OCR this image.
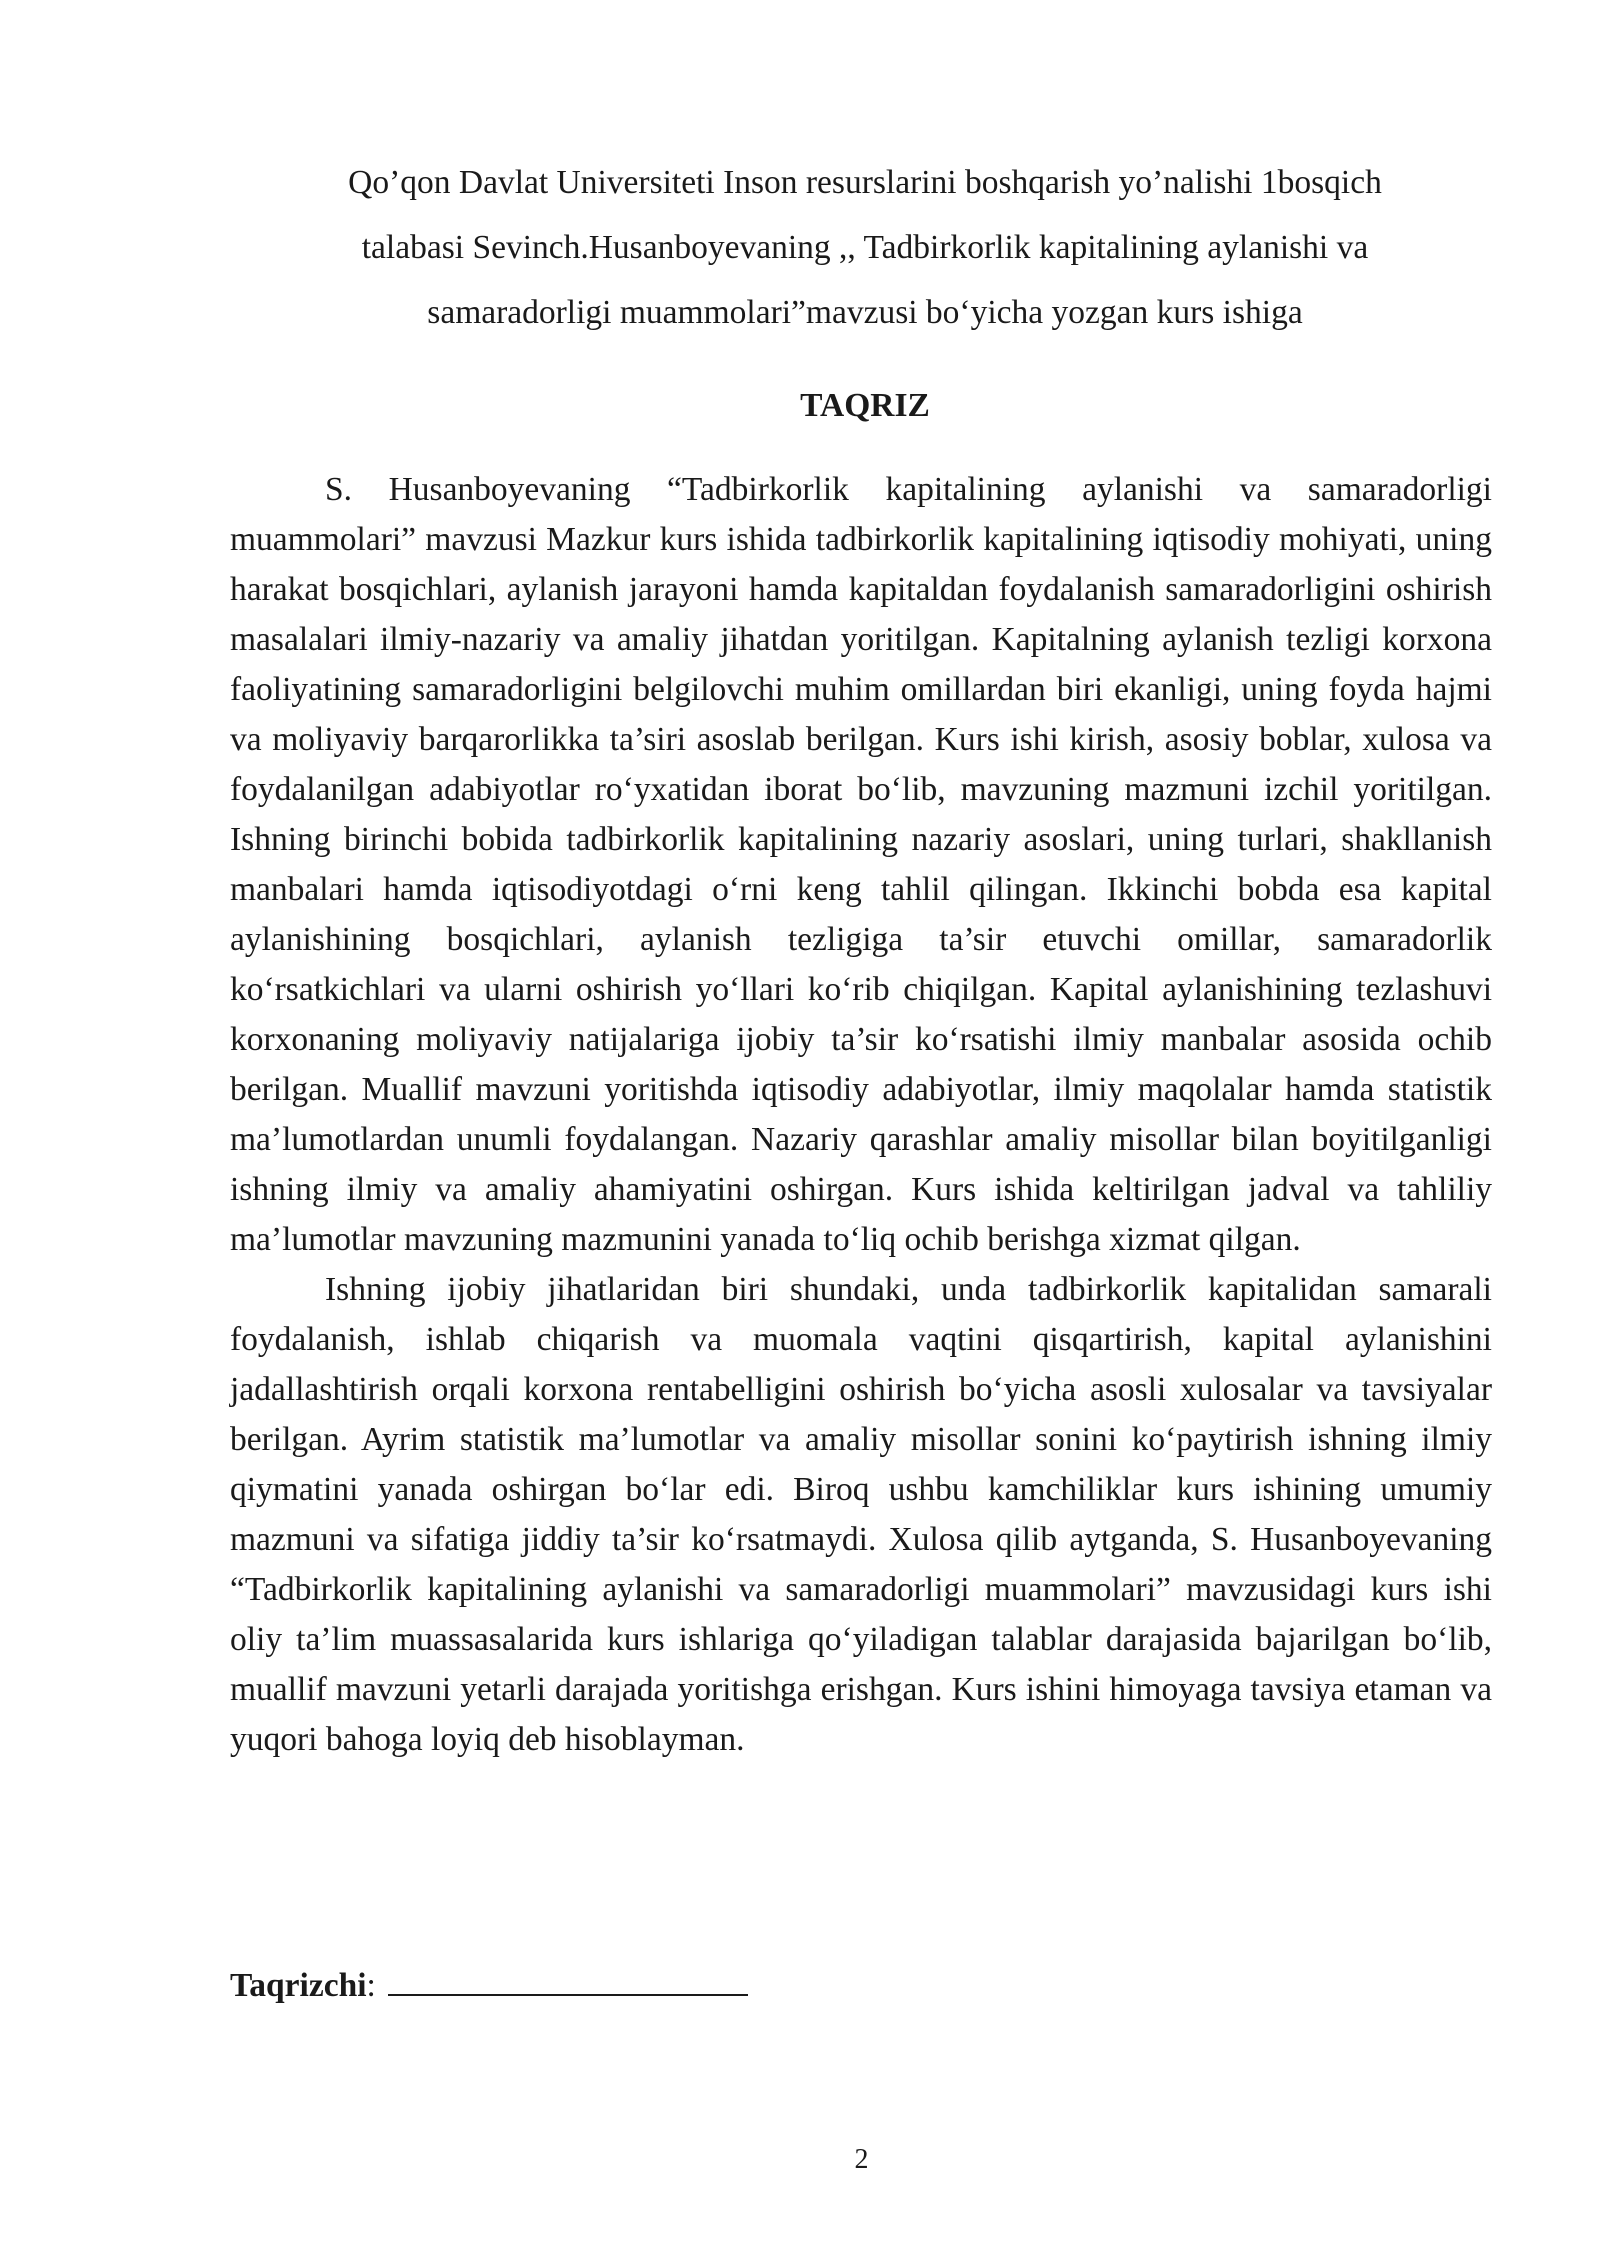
Qo’qon Davlat Universiteti Inson resurslarini boshqarish yo’nalishi 1bosqich
talabasi Sevinch.Husanboyevaning ,, Tadbirkorlik kapitalining aylanishi va
samaradorligi muammolari”mavzusi bo‘yicha yozgan kurs ishiga
TAQRIZ

S. Husanboyevaning “Tadbirkorlik kapitalining aylanishi va samaradorligi muammolari” mavzusi Mazkur kurs ishida tadbirkorlik kapitalining iqtisodiy mohiyati, uning harakat bosqichlari, aylanish jarayoni hamda kapitaldan foydalanish samaradorligini oshirish masalalari ilmiy-nazariy va amaliy jihatdan yoritilgan. Kapitalning aylanish tezligi korxona faoliyatining samaradorligini belgilovchi muhim omillardan biri ekanligi, uning foyda hajmi va moliyaviy barqarorlikka ta’siri asoslab berilgan. Kurs ishi kirish, asosiy boblar, xulosa va foydalanilgan adabiyotlar ro‘yxatidan iborat bo‘lib, mavzuning mazmuni izchil yoritilgan. Ishning birinchi bobida tadbirkorlik kapitalining nazariy asoslari, uning turlari, shakllanish manbalari hamda iqtisodiyotdagi o‘rni keng tahlil qilingan. Ikkinchi bobda esa kapital aylanishining bosqichlari, aylanish tezligiga ta’sir etuvchi omillar, samaradorlik ko‘rsatkichlari va ularni oshirish yo‘llari ko‘rib chiqilgan. Kapital aylanishining tezlashuvi korxonaning moliyaviy natijalariga ijobiy ta’sir ko‘rsatishi ilmiy manbalar asosida ochib berilgan. Muallif mavzuni yoritishda iqtisodiy adabiyotlar, ilmiy maqolalar hamda statistik ma’lumotlardan unumli foydalangan. Nazariy qarashlar amaliy misollar bilan boyitilganligi ishning ilmiy va amaliy ahamiyatini oshirgan. Kurs ishida keltirilgan jadval va tahliliy ma’lumotlar mavzuning mazmunini yanada to‘liq ochib berishga xizmat qilgan.

Ishning ijobiy jihatlaridan biri shundaki, unda tadbirkorlik kapitalidan samarali foydalanish, ishlab chiqarish va muomala vaqtini qisqartirish, kapital aylanishini jadallashtirish orqali korxona rentabelligini oshirish bo‘yicha asosli xulosalar va tavsiyalar berilgan. Ayrim statistik ma’lumotlar va amaliy misollar sonini ko‘paytirish ishning ilmiy qiymatini yanada oshirgan bo‘lar edi. Biroq ushbu kamchiliklar kurs ishining umumiy mazmuni va sifatiga jiddiy ta’sir ko‘rsatmaydi. Xulosa qilib aytganda, S. Husanboyevaning “Tadbirkorlik kapitalining aylanishi va samaradorligi muammolari” mavzusidagi kurs ishi oliy ta’lim muassasalarida kurs ishlariga qo‘yiladigan talablar darajasida bajarilgan bo‘lib, muallif mavzuni yetarli darajada yoritishga erishgan. Kurs ishini himoyaga tavsiya etaman va yuqori bahoga loyiq deb hisoblayman.

Taqrizchi:
2
